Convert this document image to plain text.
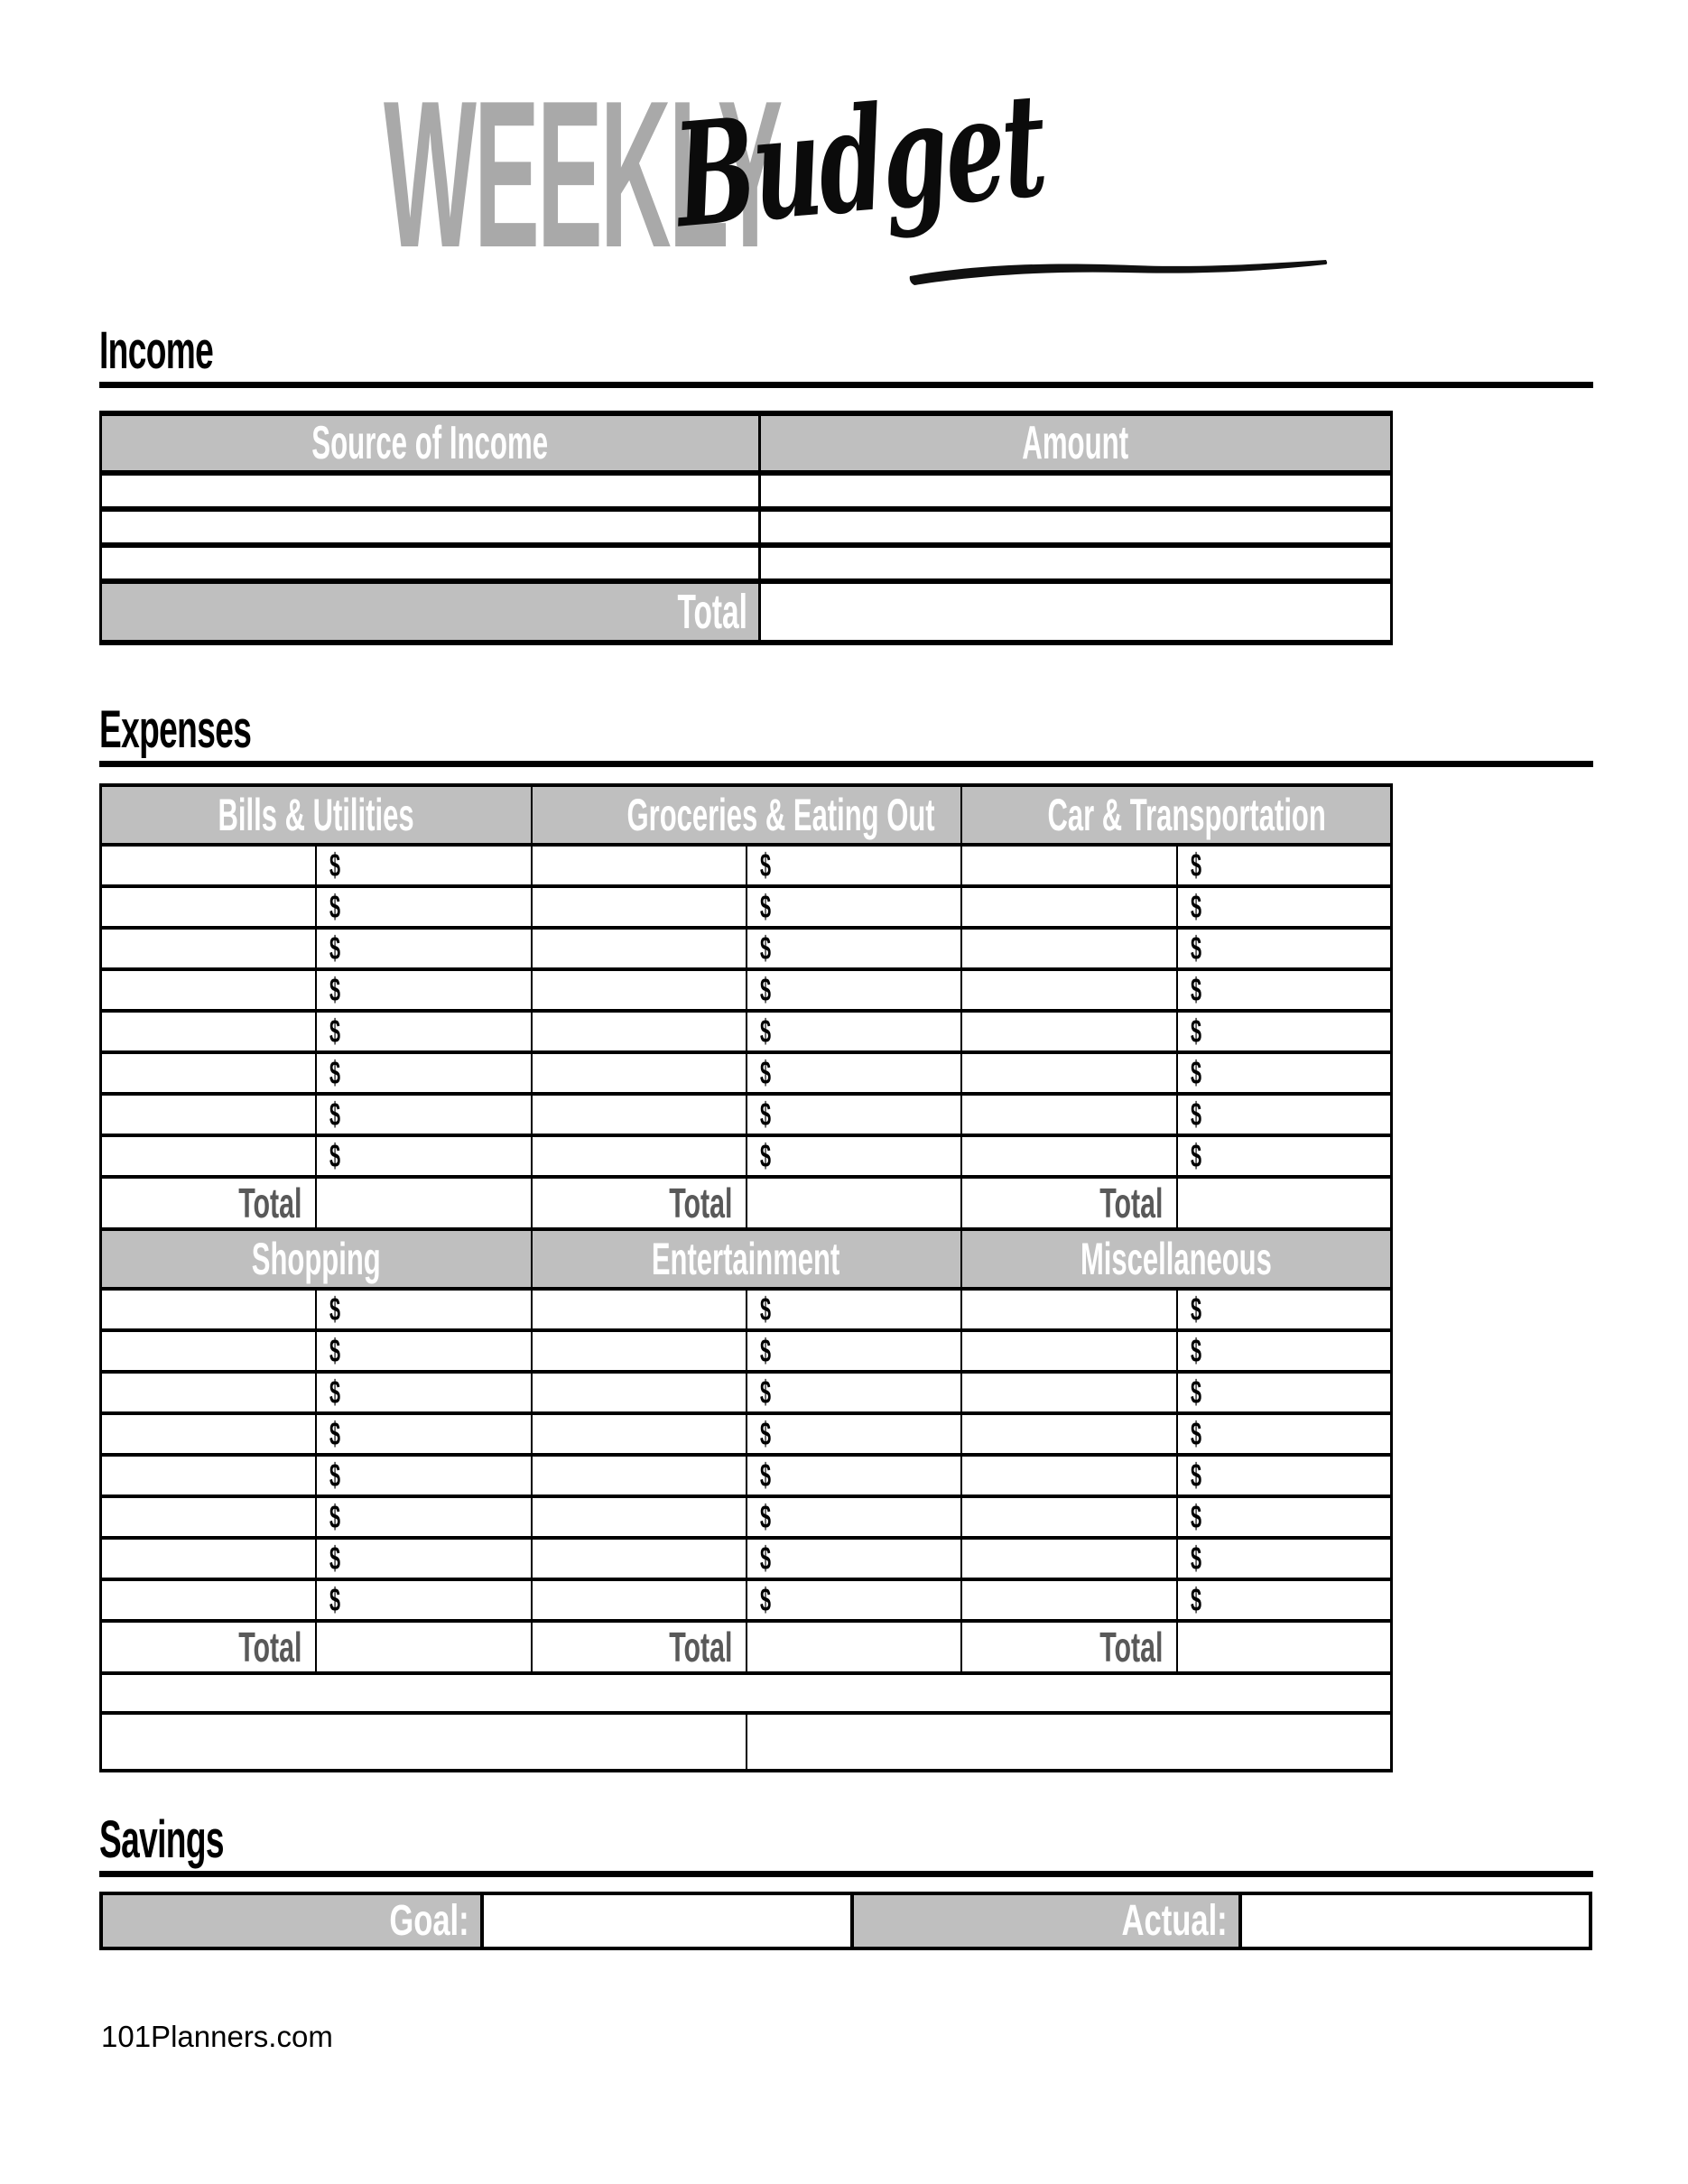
WEEKLY
Budget
Income
Source of Income	Amount

Total	
Expenses
Bills & Utilities		Groceries & Eating Out		Car & Transportation	
	$		$		$
	$		$		$
	$		$		$
	$		$		$
	$		$		$
	$		$		$
	$		$		$
	$		$		$
Total		Total		Total	
Shopping		Entertainment		Miscellaneous	
	$		$		$
	$		$		$
	$		$		$
	$		$		$
	$		$		$
	$		$		$
	$		$		$
	$		$		$
Total		Total		Total	

Total Expenses					
Savings
Goal:		Actual:	
101Planners.com
